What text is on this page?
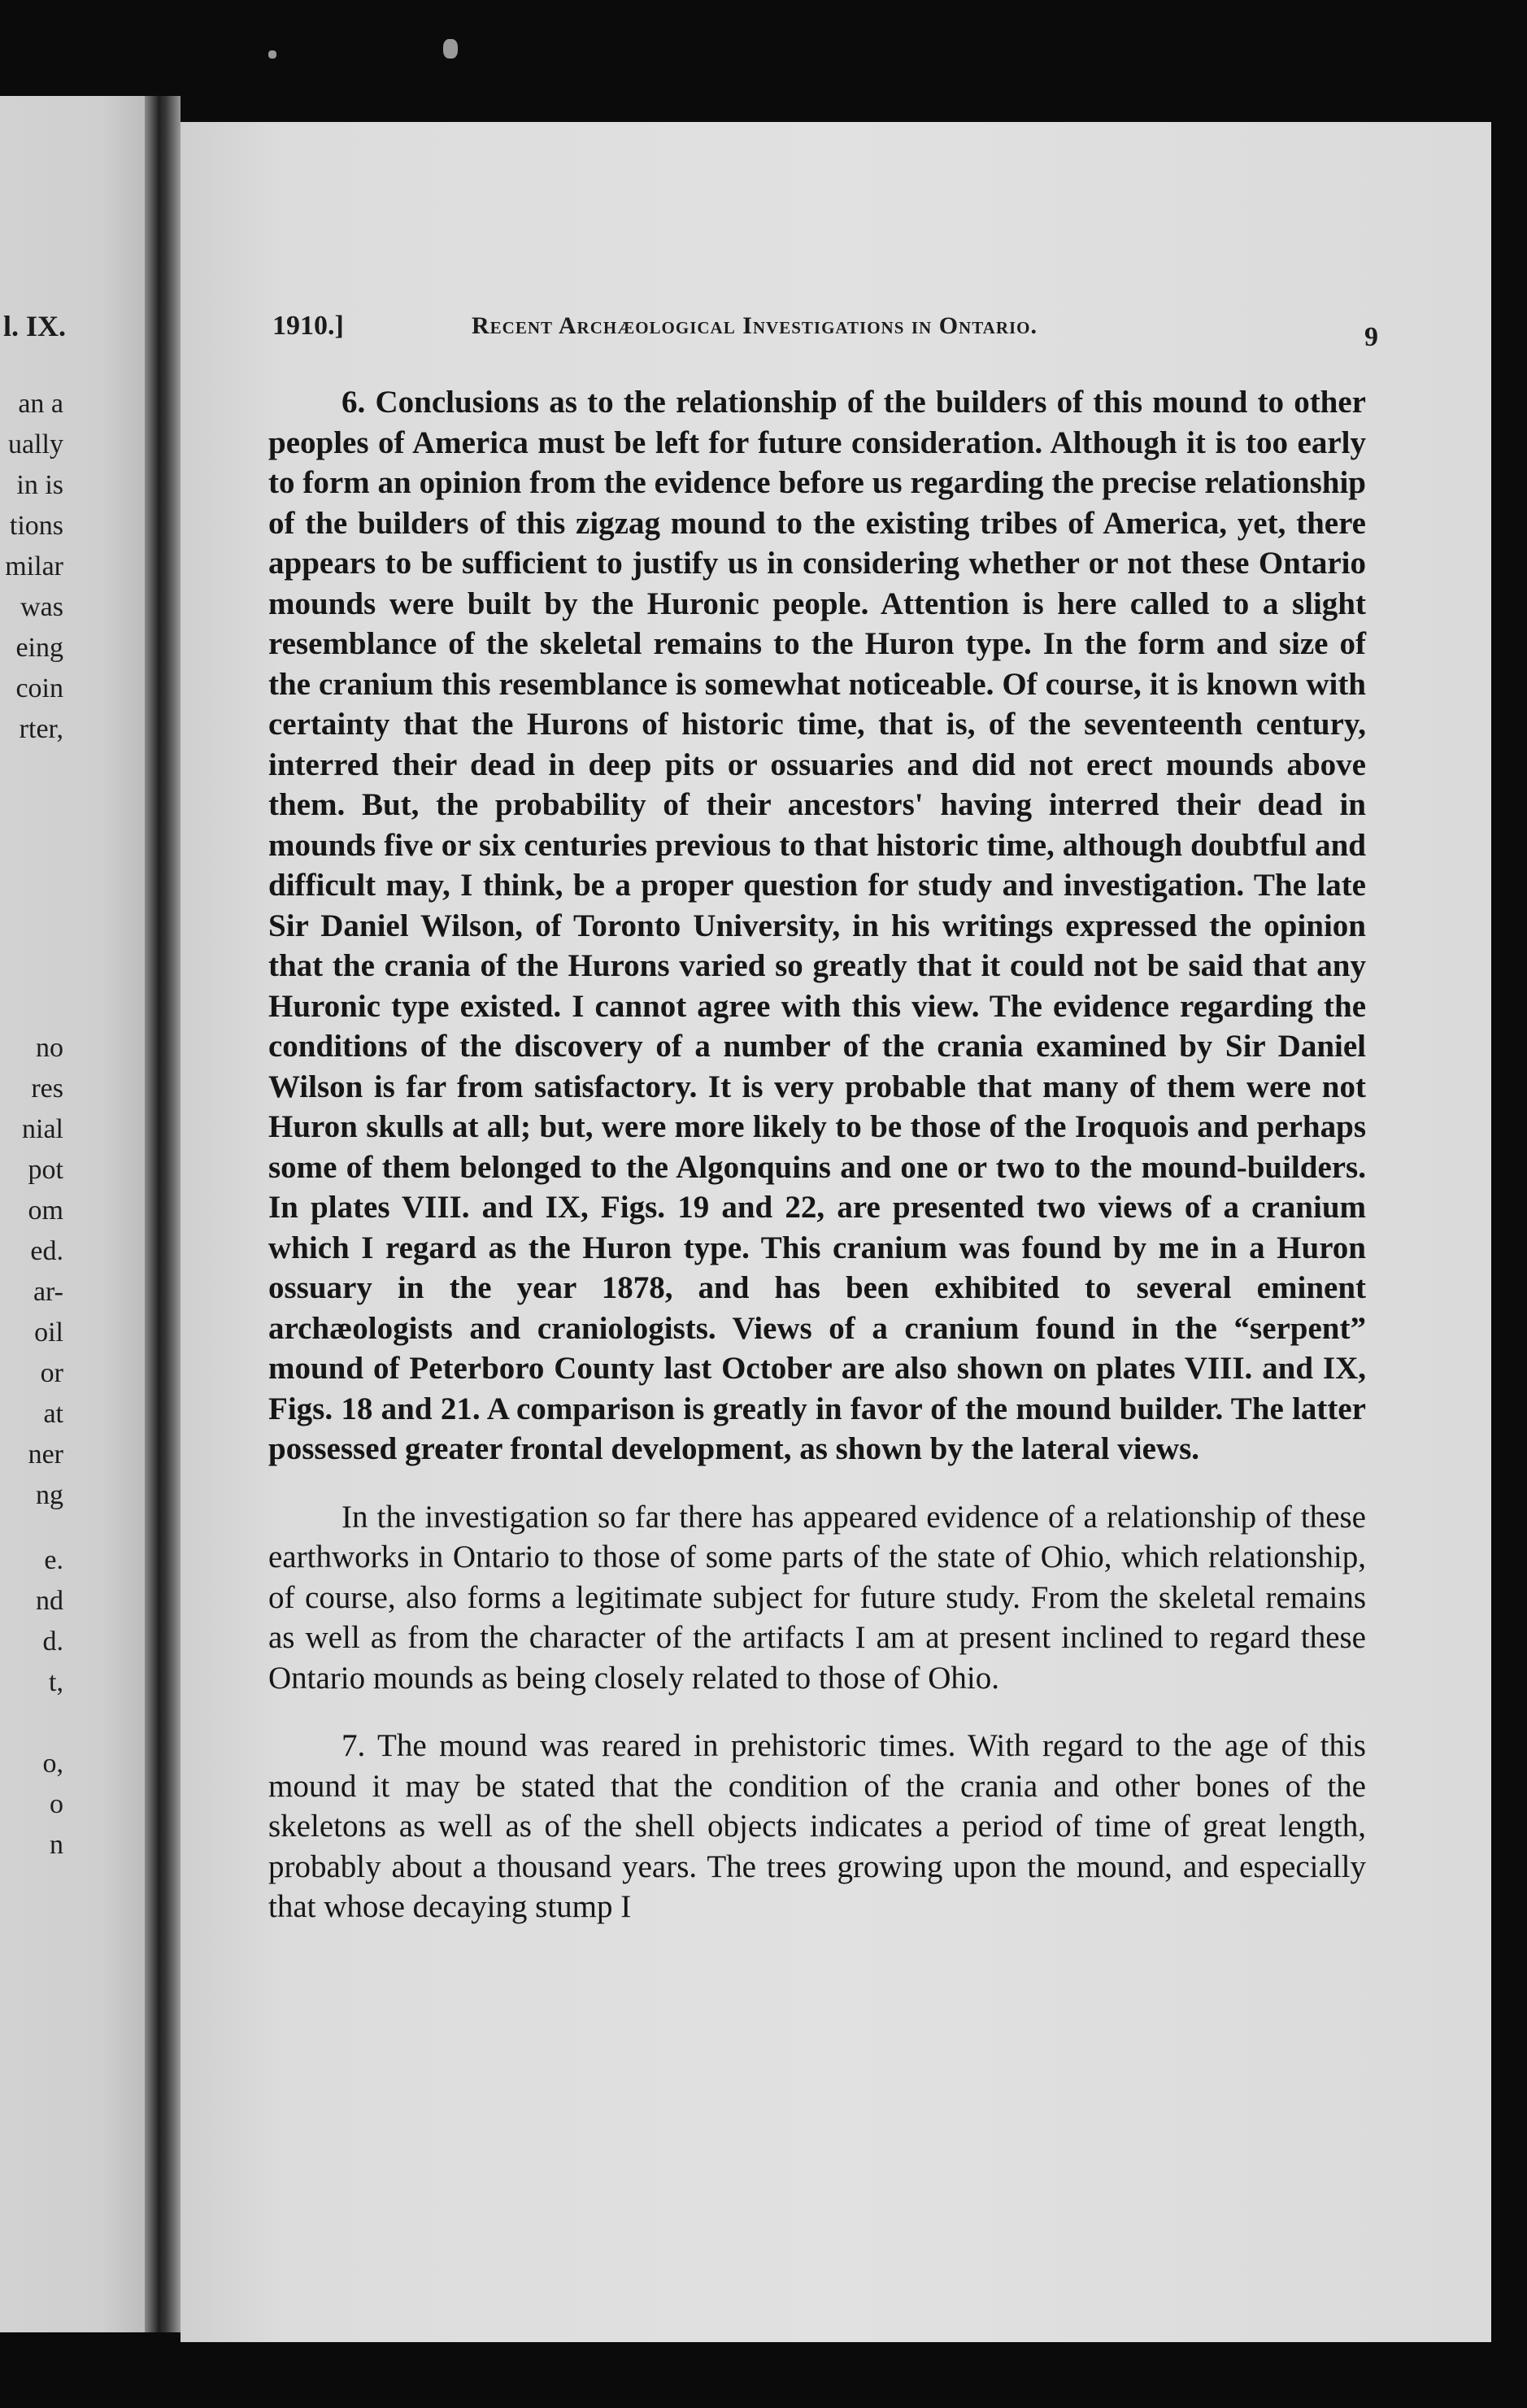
l. IX.
an a
ually
in is
tions
milar
was
eing
coin
rter,
no
res
nial
pot
om
ed.
ar-
oil
or
at
ner
ng
e.
nd
d.
t,
o,
o
n
1910.]	Recent Archæological Investigations in Ontario.	9

6. Conclusions as to the relationship of the builders of this mound to other peoples of America must be left for future consideration. Although it is too early to form an opinion from the evidence before us regarding the precise relationship of the builders of this zigzag mound to the existing tribes of America, yet, there appears to be sufficient to justify us in considering whether or not these Ontario mounds were built by the Huronic people. Attention is here called to a slight resemblance of the skeletal remains to the Huron type. In the form and size of the cranium this resemblance is somewhat noticeable. Of course, it is known with certainty that the Hurons of historic time, that is, of the seventeenth century, interred their dead in deep pits or ossuaries and did not erect mounds above them. But, the probability of their ancestors' having interred their dead in mounds five or six centuries previous to that historic time, although doubtful and difficult may, I think, be a proper question for study and investigation. The late Sir Daniel Wilson, of Toronto University, in his writings expressed the opinion that the crania of the Hurons varied so greatly that it could not be said that any Huronic type existed. I cannot agree with this view. The evidence regarding the conditions of the discovery of a number of the crania examined by Sir Daniel Wilson is far from satisfactory. It is very probable that many of them were not Huron skulls at all; but, were more likely to be those of the Iroquois and perhaps some of them belonged to the Algonquins and one or two to the mound-builders. In plates VIII. and IX, Figs. 19 and 22, are presented two views of a cranium which I regard as the Huron type. This cranium was found by me in a Huron ossuary in the year 1878, and has been exhibited to several eminent archæologists and craniologists. Views of a cranium found in the “serpent” mound of Peterboro County last October are also shown on plates VIII. and IX, Figs. 18 and 21. A comparison is greatly in favor of the mound builder. The latter possessed greater frontal development, as shown by the lateral views.

In the investigation so far there has appeared evidence of a relationship of these earthworks in Ontario to those of some parts of the state of Ohio, which relationship, of course, also forms a legitimate subject for future study. From the skeletal remains as well as from the character of the artifacts I am at present inclined to regard these Ontario mounds as being closely related to those of Ohio.

7. The mound was reared in prehistoric times. With regard to the age of this mound it may be stated that the condition of the crania and other bones of the skeletons as well as of the shell objects indicates a period of time of great length, probably about a thousand years. The trees growing upon the mound, and especially that whose decaying stump I
